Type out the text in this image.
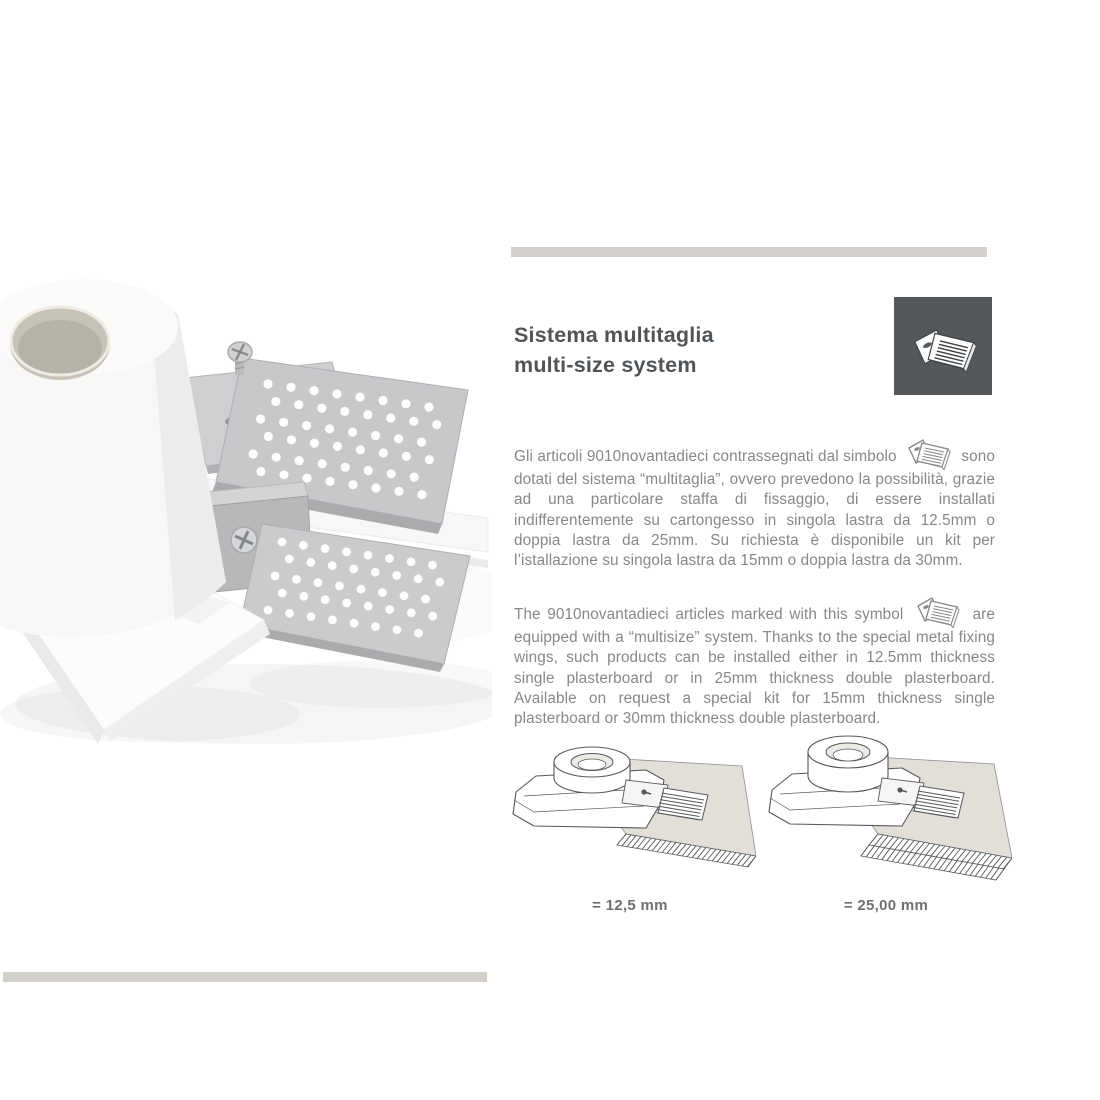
Sistema multitaglia
multi-size system

Gli articoli 9010novantadieci contrassegnati dal simbolo	sono dotati del sistema “multitaglia”, ovvero prevedono la possibilità, grazie ad una particolare staffa di fissaggio, di essere installati indifferentemente su cartongesso in singola lastra da 12.5mm o doppia lastra da 25mm. Su richiesta è disponibile un kit per l’istallazione su singola lastra da 15mm o doppia lastra da 30mm.

The 9010novantadieci articles marked with this symbol	are equipped with a “multisize” system. Thanks to the special metal fixing wings, such products can be installed either in 12.5mm thickness single plasterboard or in 25mm thickness double plasterboard. Available on request a special kit for 15mm thickness single plasterboard or 30mm thickness double plasterboard.

= 12,5 mm	= 25,00 mm
